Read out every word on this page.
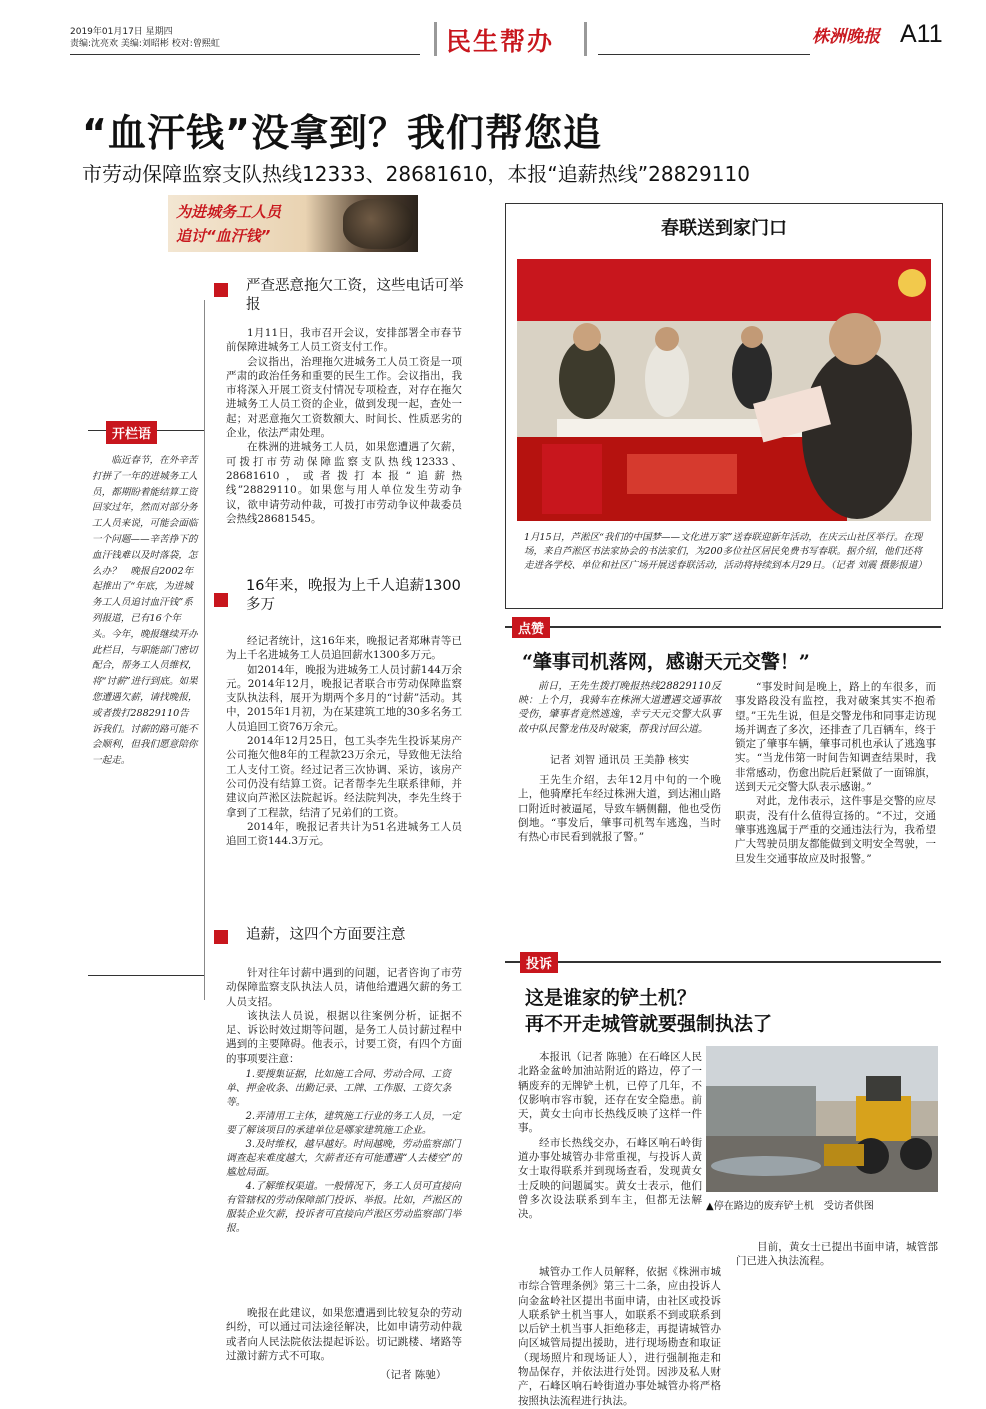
2019年01月17日 星期四
责编:沈亮欢 美编:刘昭彬 校对:曾熙虹	民生帮办	株洲晚报 A11
“血汗钱”没拿到？我们帮您追
市劳动保障监察支队热线12333、28681610，本报“追薪热线”28829110
为进城务工人员
追讨“血汗钱”
开栏语
临近春节，在外辛苦打拼了一年的进城务工人员，都期盼着能结算工资回家过年，然而对部分务工人员来说，可能会面临一个问题——辛苦挣下的血汗钱难以及时落袋，怎么办？　晚报自2002年起推出了“年底，为进城务工人员追讨血汗钱”系列报道，已有16个年头。今年，晚报继续开办此栏目，与职能部门密切配合，帮务工人员维权，将“讨薪”进行到底。如果您遭遇欠薪，请找晚报，或者拨打28829110告诉我们。讨薪的路可能不会顺利，但我们愿意陪你一起走。
严查恶意拖欠工资，这些电话可举报

1月11日，我市召开会议，安排部署全市春节前保障进城务工人员工资支付工作。

会议指出，治理拖欠进城务工人员工资是一项严肃的政治任务和重要的民生工作。会议指出，我市将深入开展工资支付情况专项检查，对存在拖欠进城务工人员工资的企业，做到发现一起，查处一起；对恶意拖欠工资数额大、时间长、性质恶劣的企业，依法严肃处理。

在株洲的进城务工人员，如果您遭遇了欠薪，可拨打市劳动保障监察支队热线12333、28681610，或者拨打本报“追薪热线”28829110。如果您与用人单位发生劳动争议，欲申请劳动仲裁，可拨打市劳动争议仲裁委员会热线28681545。

16年来，晚报为上千人追薪1300多万

经记者统计，这16年来，晚报记者郑琳青等已为上千名进城务工人员追回薪水1300多万元。

如2014年，晚报为进城务工人员讨薪144万余元。2014年12月，晚报记者联合市劳动保障监察支队执法科，展开为期两个多月的“讨薪”活动。其中，2015年1月初，为在某建筑工地的30多名务工人员追回工资76万余元。

2014年12月25日，包工头李先生投诉某房产公司拖欠他8年的工程款23万余元，导致他无法给工人支付工资。经过记者三次协调、采访，该房产公司仍没有结算工资。记者帮李先生联系律师，并建议向芦淞区法院起诉。经法院判决，李先生终于拿到了工程款，结清了兄弟们的工资。

2014年，晚报记者共计为51名进城务工人员追回工资144.3万元。

追薪，这四个方面要注意

针对往年讨薪中遇到的问题，记者咨询了市劳动保障监察支队执法人员，请他给遭遇欠薪的务工人员支招。

该执法人员说，根据以往案例分析，证据不足、诉讼时效过期等问题，是务工人员讨薪过程中遇到的主要障碍。他表示，讨要工资，有四个方面的事项要注意：

1.要搜集证据，比如施工合同、劳动合同、工资单、押金收条、出勤记录、工牌、工作服、工资欠条等。

2.弄清用工主体，建筑施工行业的务工人员，一定要了解该项目的承建单位是哪家建筑施工企业。

3.及时维权，越早越好。时间越晚，劳动监察部门调查起来难度越大，欠薪者还有可能遭遇“人去楼空”的尴尬局面。

4.了解维权渠道。一般情况下，务工人员可直接向有管辖权的劳动保障部门投诉、举报。比如，芦淞区的服装企业欠薪，投诉者可直接向芦淞区劳动监察部门举报。

晚报在此建议，如果您遭遇到比较复杂的劳动纠纷，可以通过司法途径解决，比如申请劳动仲裁或者向人民法院依法提起诉讼。切记跳楼、堵路等过激讨薪方式不可取。

（记者 陈驰）
春联送到家门口
1月15日，芦淞区“我们的中国梦——文化进万家”送春联迎新年活动，在庆云山社区举行。在现场，来自芦淞区书法家协会的书法家们，为200多位社区居民免费书写春联。据介绍，他们还将走进各学校、单位和社区广场开展送春联活动，活动将持续到本月29日。（记者 刘震 摄影报道）
点赞
“肇事司机落网，感谢天元交警！”

前日，王先生拨打晚报热线28829110反映：上个月，我骑车在株洲大道遭遇交通事故受伤，肇事者竟然逃逸，幸亏天元交警大队事故中队民警龙伟及时破案，帮我讨回公道。

记者 刘智 通讯员 王美静 核实

王先生介绍，去年12月中旬的一个晚上，他骑摩托车经过株洲大道，到达湘山路口附近时被逼尾，导致车辆侧翻，他也受伤倒地。“事发后，肇事司机驾车逃逸，当时有热心市民看到就报了警。”

“事发时间是晚上，路上的车很多，而事发路段没有监控，我对破案其实不抱希望。”王先生说，但是交警龙伟和同事走访现场并调查了多次，还排查了几百辆车，终于锁定了肇事车辆，肇事司机也承认了逃逸事实。“当龙伟第一时间告知调查结果时，我非常感动，伤愈出院后赶紧做了一面锦旗，送到天元交警大队表示感谢。”

对此，龙伟表示，这件事是交警的应尽职责，没有什么值得宣扬的。“不过，交通肇事逃逸属于严重的交通违法行为，我希望广大驾驶员朋友都能做到文明安全驾驶，一旦发生交通事故应及时报警。”

投诉
这是谁家的铲土机？
再不开走城管就要强制执法了
▲停在路边的废弃铲土机　受访者供图

本报讯（记者 陈驰）在石峰区人民北路金盆岭加油站附近的路边，停了一辆废弃的无牌铲土机，已停了几年，不仅影响市容市貌，还存在安全隐患。前天，黄女士向市长热线反映了这样一件事。

经市长热线交办，石峰区响石岭街道办事处城管办非常重视，与投诉人黄女士取得联系并到现场查看，发现黄女士反映的问题属实。黄女士表示，他们曾多次设法联系到车主，但都无法解决。

城管办工作人员解释，依据《株洲市城市综合管理条例》第三十二条，应由投诉人向金盆岭社区提出书面申请，由社区或投诉人联系铲土机当事人，如联系不到或联系到以后铲土机当事人拒绝移走，再提请城管办向区城管局提出援助，进行现场勘查和取证（现场照片和现场证人），进行强制拖走和物品保存，并依法进行处罚。因涉及私人财产，石峰区响石岭街道办事处城管办将严格按照执法流程进行执法。

目前，黄女士已提出书面申请，城管部门已进入执法流程。
